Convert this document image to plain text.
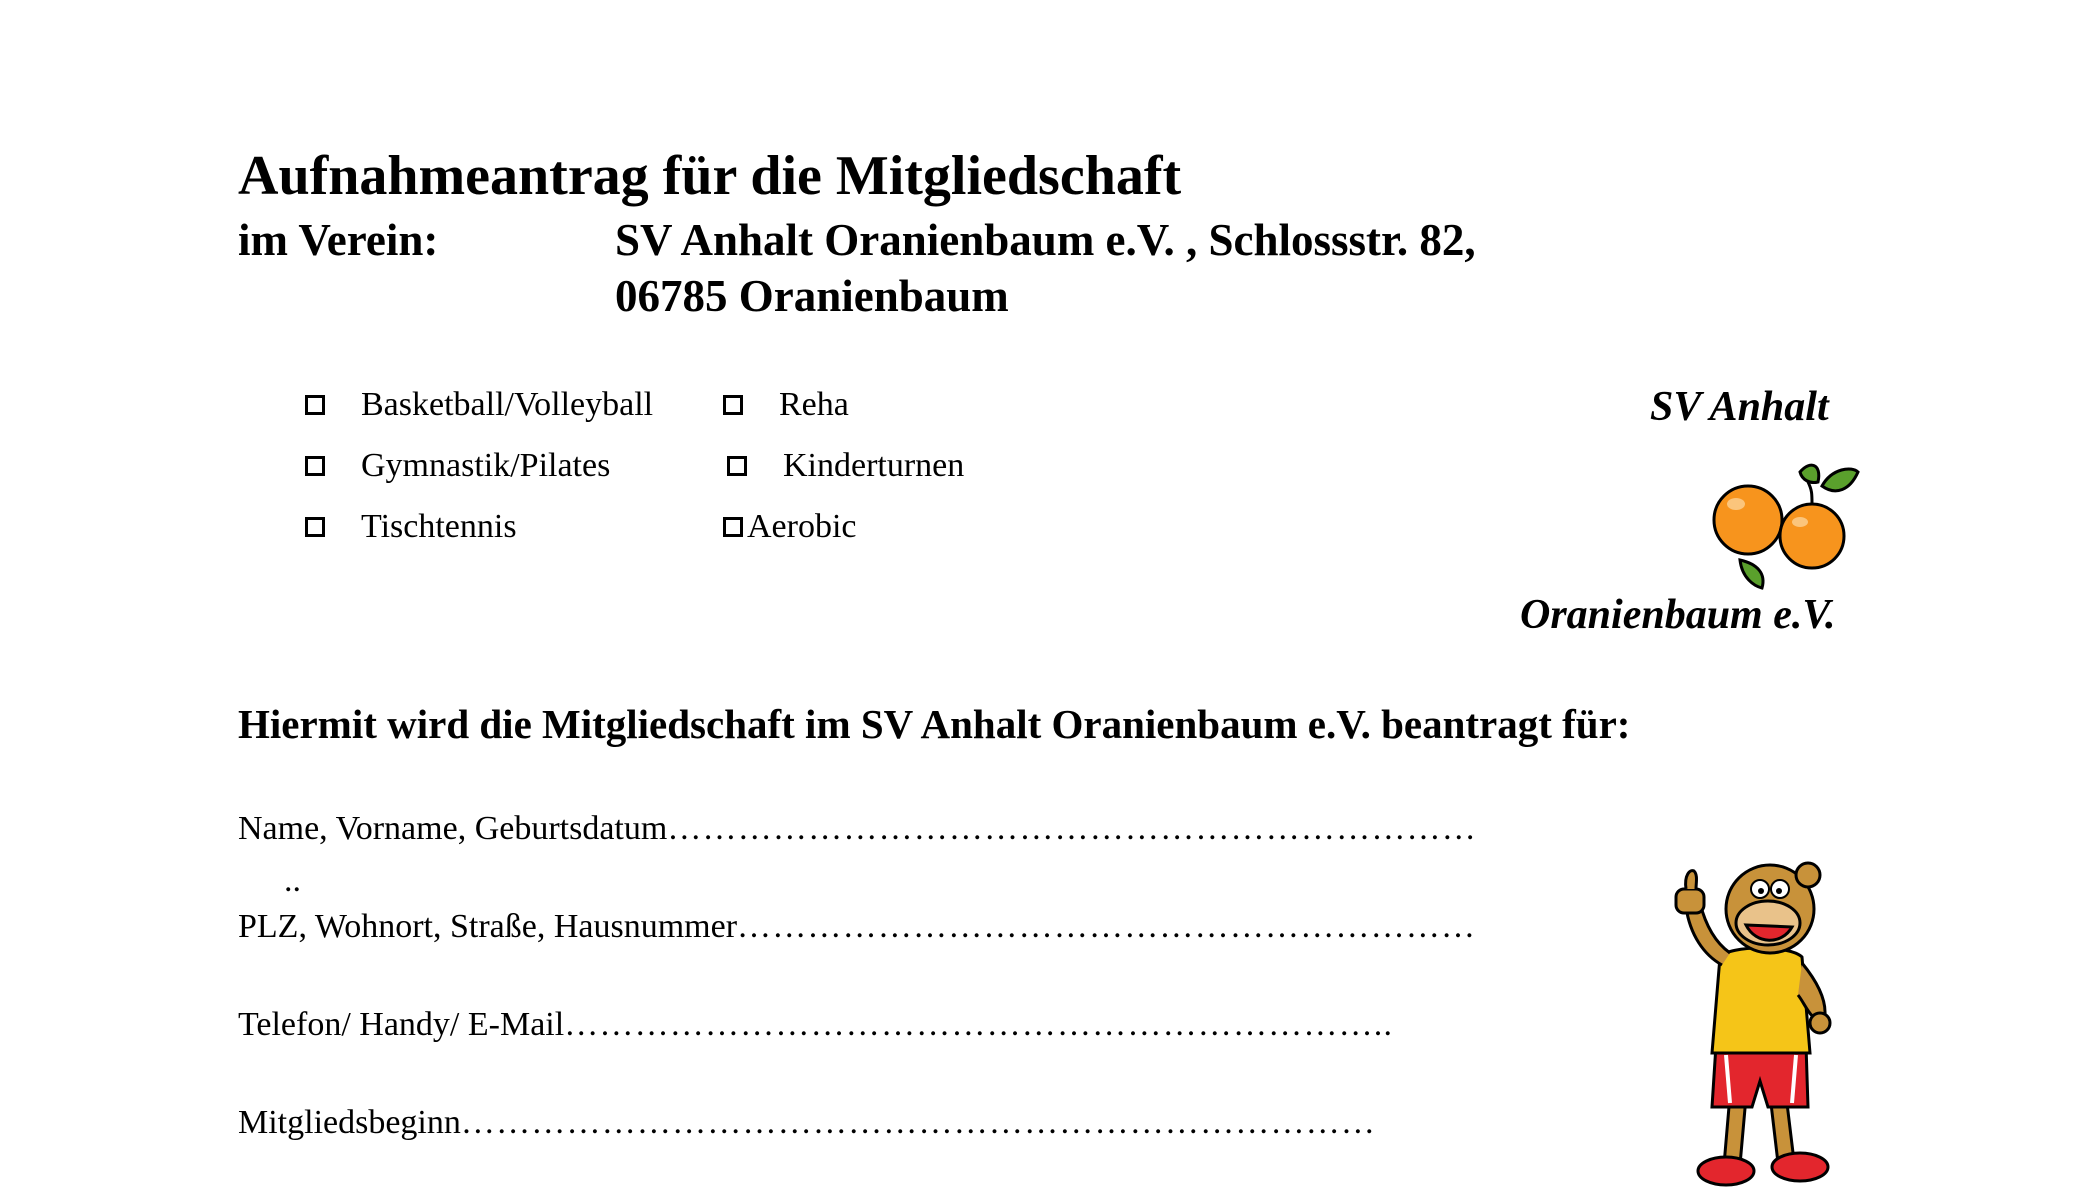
Aufnahmeantrag für die Mitgliedschaft
im Verein:	SV Anhalt Oranienbaum e.V. , Schlossstr. 82,
06785 Oranienbaum
Basketball/Volleyball
Gymnastik/Pilates
Tischtennis
Reha
Kinderturnen
Aerobic
SV Anhalt
Oranienbaum e.V.
Hiermit wird die Mitgliedschaft im SV Anhalt Oranienbaum e.V. beantragt für:
Name, Vorname, Geburtsdatum……………………………………………………………
..
PLZ, Wohnort, Straße, Hausnummer………………………………………………………
Telefon/ Handy/ E-Mail……………………………………………………………..
Mitgliedsbeginn……………………………………………………………………
